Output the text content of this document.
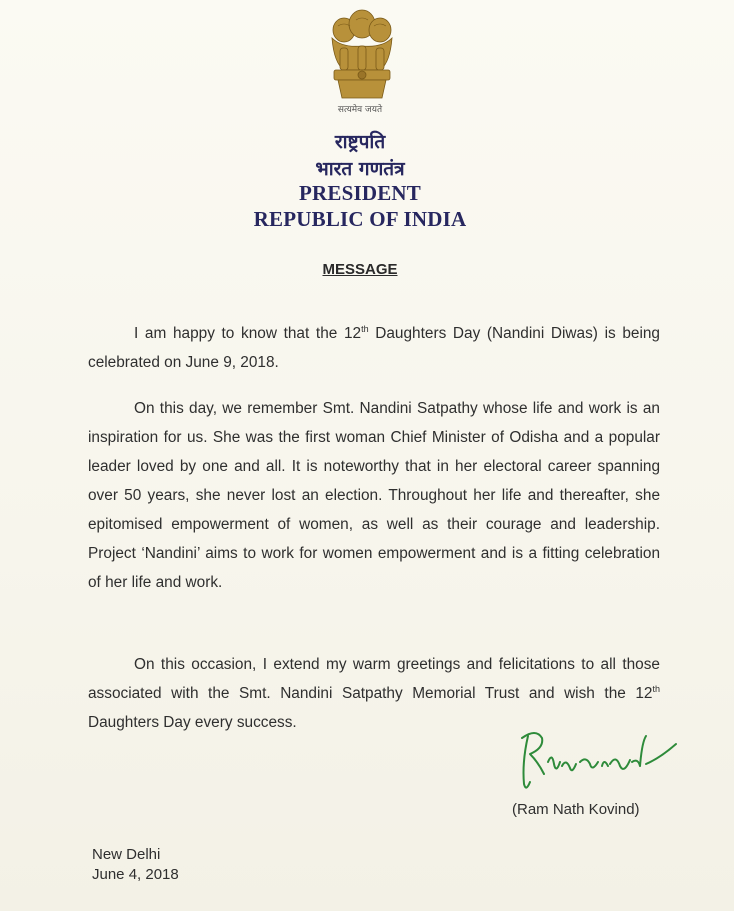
सत्यमेव जयते
राष्ट्रपति
भारत गणतंत्र
PRESIDENT
REPUBLIC OF INDIA
MESSAGE

I am happy to know that the 12th Daughters Day (Nandini Diwas) is being celebrated on June 9, 2018.

On this day, we remember Smt. Nandini Satpathy whose life and work is an inspiration for us. She was the first woman Chief Minister of Odisha and a popular leader loved by one and all. It is noteworthy that in her electoral career spanning over 50 years, she never lost an election. Throughout her life and thereafter, she epitomised empowerment of women, as well as their courage and leadership. Project ‘Nandini’ aims to work for women empowerment and is a fitting celebration of her life and work.

On this occasion, I extend my warm greetings and felicitations to all those associated with the Smt. Nandini Satpathy Memorial Trust and wish the 12th Daughters Day every success.

(Ram Nath Kovind)
New Delhi
June 4, 2018
